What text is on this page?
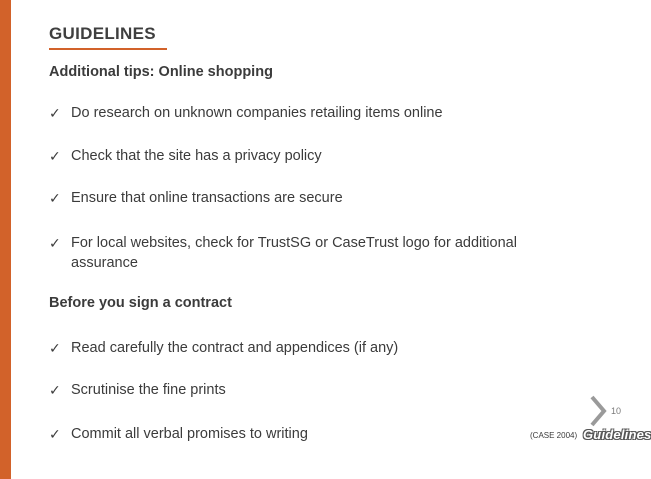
GUIDELINES
Additional tips: Online shopping
✓ Do research on unknown companies retailing items online
✓ Check that the site has a privacy policy
✓ Ensure that online transactions are secure
✓ For local websites, check for TrustSG or CaseTrust logo for additional assurance
Before you sign a contract
✓ Read carefully the contract and appendices (if any)
✓ Scrutinise the fine prints
✓ Commit all verbal promises to writing
10
(CASE 2004) Guidelines
